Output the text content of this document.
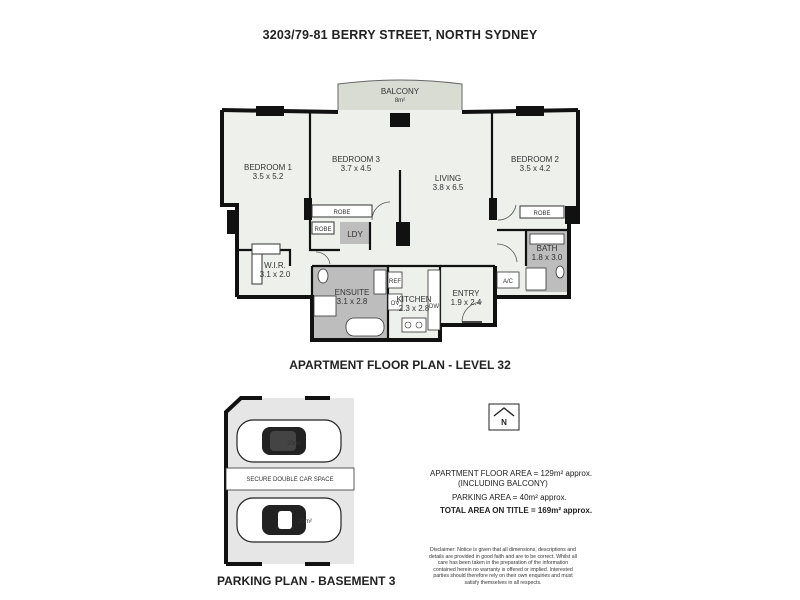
3203/79-81 BERRY STREET, NORTH SYDNEY
BALCONY
8m²
ROBE
ROBE
ROBE
LDY
REF
OV	DW
A/C
BEDROOM 1
3.5 x 5.2
BEDROOM 3
3.7 x 4.5
LIVING
3.8 x 6.5
BEDROOM 2
3.5 x 4.2
W.I.R.
3.1 x 2.0
ENSUITE
3.1 x 2.8	KITCHEN
2.3 x 2.8
ENTRY
1.9 x 2.4
BATH
1.8 x 3.0
SECURE DOUBLE CAR SPACE
20m²
20m²
N
APARTMENT FLOOR PLAN - LEVEL 32
PARKING PLAN - BASEMENT 3
APARTMENT FLOOR AREA = 129m² approx.
(INCLUDING BALCONY)
PARKING AREA = 40m² approx.
TOTAL AREA ON TITLE = 169m² approx.
Disclaimer: Notice is given that all dimensions, descriptions and details are provided in good faith and are to be correct. Whilst all care has been taken in the preparation of the information contained herein no warranty is offered or implied. Interested parties should therefore rely on their own enquiries and must satisfy themselves in all respects.
